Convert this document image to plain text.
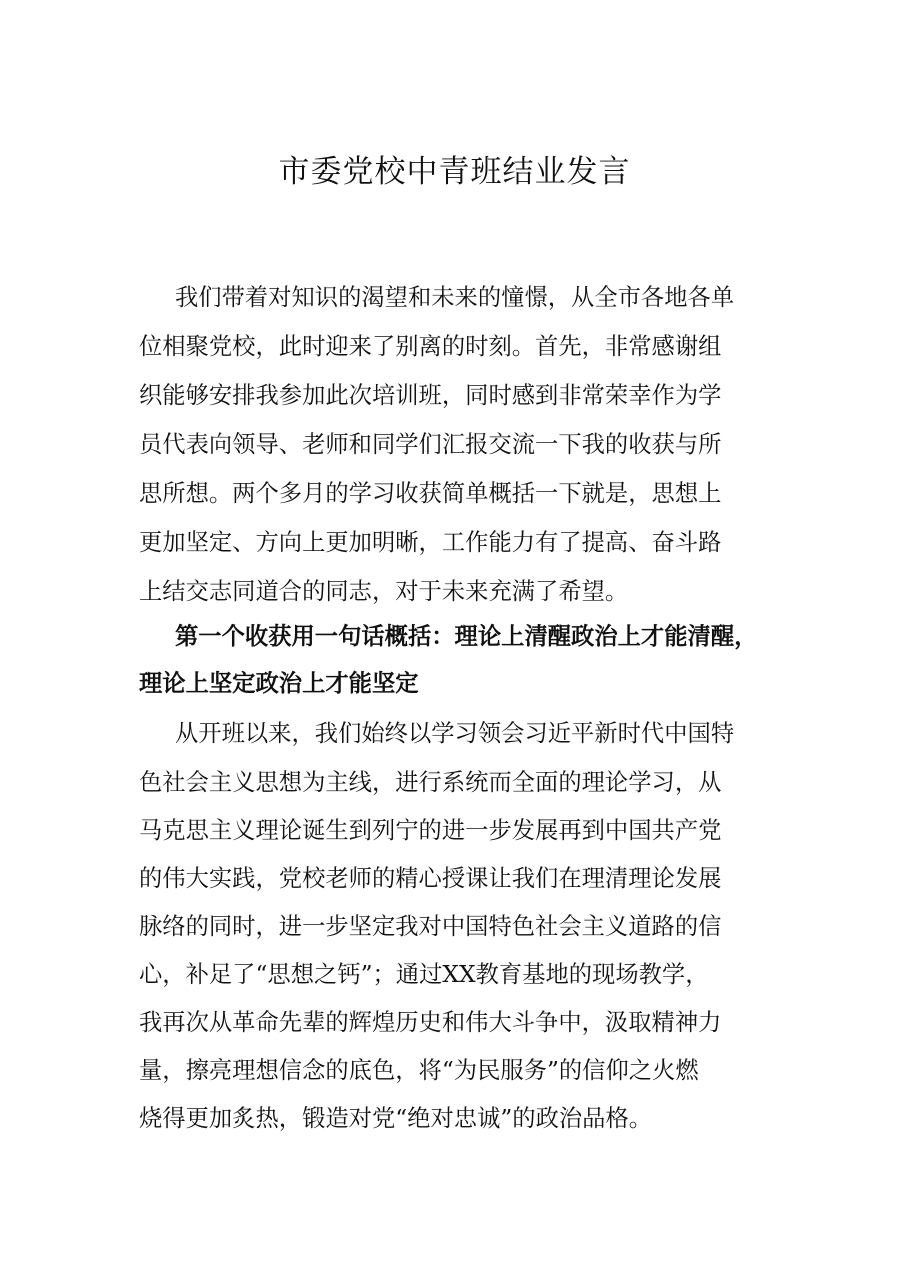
市委党校中青班结业发言
我们带着对知识的渴望和未来的憧憬，从全市各地各单
位相聚党校，此时迎来了别离的时刻。首先，非常感谢组
织能够安排我参加此次培训班，同时感到非常荣幸作为学
员代表向领导、老师和同学们汇报交流一下我的收获与所
思所想。两个多月的学习收获简单概括一下就是，思想上
更加坚定、方向上更加明晰，工作能力有了提高、奋斗路
上结交志同道合的同志，对于未来充满了希望。
第一个收获用一句话概括：理论上清醒政治上才能清醒，
理论上坚定政治上才能坚定
从开班以来，我们始终以学习领会习近平新时代中国特
色社会主义思想为主线，进行系统而全面的理论学习，从
马克思主义理论诞生到列宁的进一步发展再到中国共产党
的伟大实践，党校老师的精心授课让我们在理清理论发展
脉络的同时，进一步坚定我对中国特色社会主义道路的信
心，补足了“思想之钙”；通过XX教育基地的现场教学，
我再次从革命先辈的辉煌历史和伟大斗争中，汲取精神力
量，擦亮理想信念的底色，将“为民服务”的信仰之火燃
烧得更加炙热，锻造对党“绝对忠诚”的政治品格。
